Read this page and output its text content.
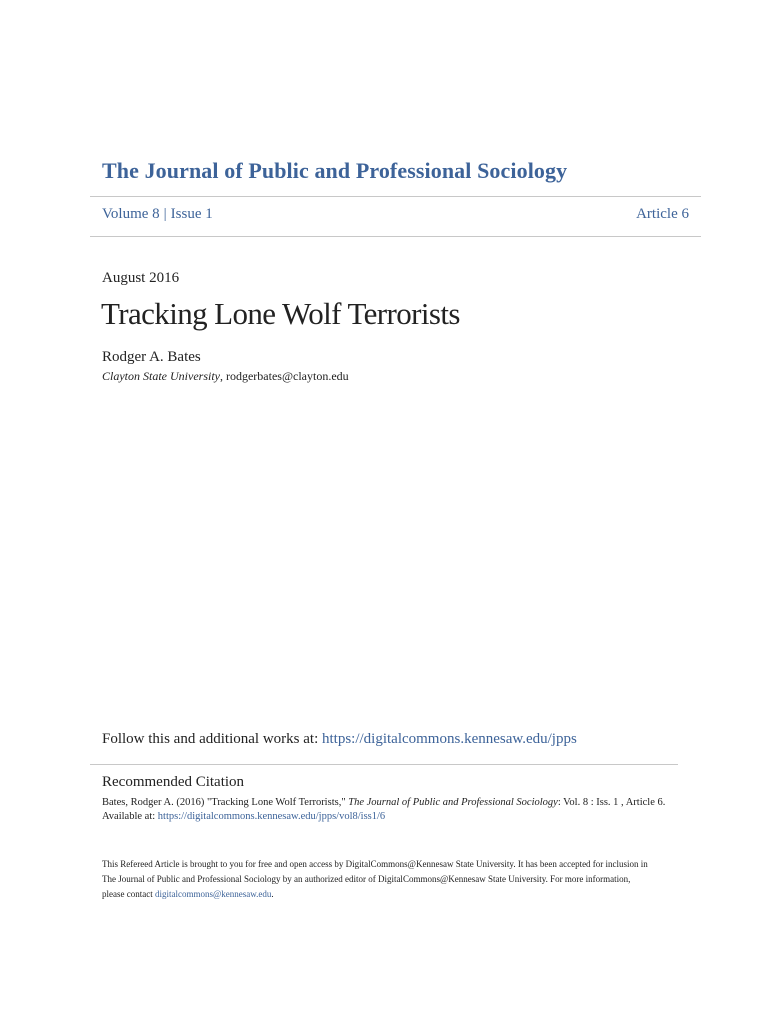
The Journal of Public and Professional Sociology
Volume 8 | Issue 1	Article 6
August 2016
Tracking Lone Wolf Terrorists
Rodger A. Bates
Clayton State University, rodgerbates@clayton.edu
Follow this and additional works at: https://digitalcommons.kennesaw.edu/jpps
Recommended Citation
Bates, Rodger A. (2016) "Tracking Lone Wolf Terrorists," The Journal of Public and Professional Sociology: Vol. 8 : Iss. 1 , Article 6.
Available at: https://digitalcommons.kennesaw.edu/jpps/vol8/iss1/6
This Refereed Article is brought to you for free and open access by DigitalCommons@Kennesaw State University. It has been accepted for inclusion in
The Journal of Public and Professional Sociology by an authorized editor of DigitalCommons@Kennesaw State University. For more information,
please contact digitalcommons@kennesaw.edu.
